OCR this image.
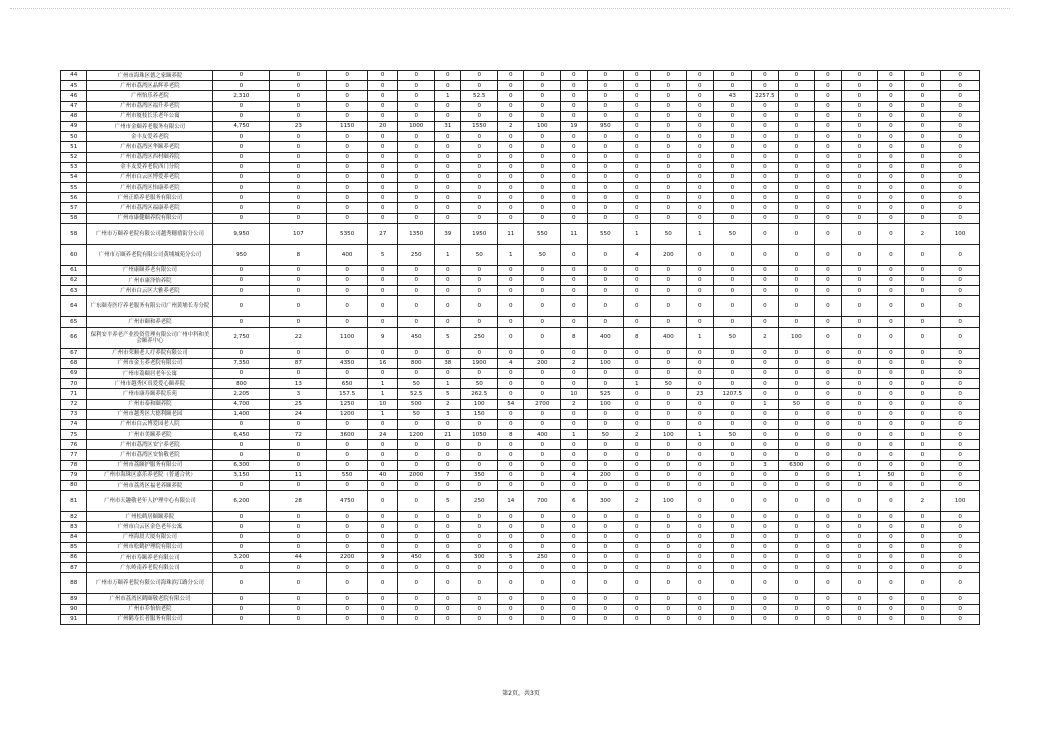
44	广州市海珠区德之家颐养院	0	0	0	0	0	0	0	0	0	0	0	0	0	0	0	0	0	0	0	0	0	0
45	广州市荔湾区晶辉养老院	0	0	0	0	0	0	0	0	0	0	0	0	0	0	0	0	0	0	0	0	0	0
46	广州怡乐养老院	2,310	0	0	0	0	1	52.5	0	0	0	0	0	0	0	43	2257.5	0	0	0	0	0	0
47	广州市荔湾区福升养老院	0	0	0	0	0	0	0	0	0	0	0	0	0	0	0	0	0	0	0	0	0	0
48	广州市厦枝长乐老年公寓	0	0	0	0	0	0	0	0	0	0	0	0	0	0	0	0	0	0	0	0	0	0
49	广州市金颐养老服务有限公司	4,750	23	1150	20	1000	31	1550	2	100	19	950	0	0	0	0	0	0	0	0	0	0	0
50	金丰友爱养老院	0	0	0	0	0	0	0	0	0	0	0	0	0	0	0	0	0	0	0	0	0	0
51	广州市荔湾区华颐养老院	0	0	0	0	0	0	0	0	0	0	0	0	0	0	0	0	0	0	0	0	0	0
52	广州市荔湾区西村颐养院	0	0	0	0	0	0	0	0	0	0	0	0	0	0	0	0	0	0	0	0	0	0
53	金丰友爱养老院西门分院	0	0	0	0	0	0	0	0	0	0	0	0	0	0	0	0	0	0	0	0	0	0
54	广州市白云区博爱养老院	0	0	0	0	0	0	0	0	0	0	0	0	0	0	0	0	0	0	0	0	0	0
55	广州市荔湾区怡康养老院	0	0	0	0	0	0	0	0	0	0	0	0	0	0	0	0	0	0	0	0	0	0
56	广州正皓养老服务有限公司	0	0	0	0	0	0	0	0	0	0	0	0	0	0	0	0	0	0	0	0	0	0
57	广州市荔湾区福康养老院	0	0	0	0	0	0	0	0	0	0	0	0	0	0	0	0	0	0	0	0	0	0
58	广州市康健颐养院有限公司	0	0	0	0	0	0	0	0	0	0	0	0	0	0	0	0	0	0	0	0	0	0
58	广州市万颐养老院有限公司越秀穗禧街分公司	9,950	107	5350	27	1350	39	1950	11	550	11	550	1	50	1	50	0	0	0	0	0	2	100
60	广州市万颐养老院有限公司黄埔城苑分公司	950	8	400	5	250	1	50	1	50	0	0	4	200	0	0	0	0	0	0	0	0	0
61	广州康颐养老有限公司	0	0	0	0	0	0	0	0	0	0	0	0	0	0	0	0	0	0	0	0	0	0
62	广州市康泽怡养院	0	0	0	0	0	0	0	0	0	0	0	0	0	0	0	0	0	0	0	0	0	0
63	广州市白云区大雅养老院	0	0	0	0	0	0	0	0	0	0	0	0	0	0	0	0	0	0	0	0	0	0
64	广东颐寿医疗养老服务有限公司广州黄埔长寿分院	0	0	0	0	0	0	0	0	0	0	0	0	0	0	0	0	0	0	0	0	0	0
65	广州市颐和养老院	0	0	0	0	0	0	0	0	0	0	0	0	0	0	0	0	0	0	0	0	0	0
66	保利安平养老产业投资管理有限公司广州中科和美会颐养中心	2,750	22	1100	9	450	5	250	0	0	8	400	8	400	1	50	2	100	0	0	0	0	0
67	广州市荣顺老人疗养院有限公司	0	0	0	0	0	0	0	0	0	0	0	0	0	0	0	0	0	0	0	0	0	0
68	广州市金玉养老院有限公司	7,350	87	4350	16	800	38	1900	4	200	2	100	0	0	0	0	0	0	0	0	0	0	0
69	广州市荔颐居老年公寓	0	0	0	0	0	0	0	0	0	0	0	0	0	0	0	0	0	0	0	0	0	0
70	广州市越秀区真爱爱心颐养院	800	13	650	1	50	1	50	0	0	0	0	1	50	0	0	0	0	0	0	0	0	0
71	广州市康寿颐养院乐苑	2,205	3	157.5	1	52.5	5	262.5	0	0	10	525	0	0	23	1207.5	0	0	0	0	0	0	0
72	广州市泰和颐养院	4,700	25	1250	10	500	2	100	54	2700	2	100	0	0	0	0	1	50	0	0	0	0	0
73	广州市越秀区大德利颐老园	1,400	24	1200	1	50	3	150	0	0	0	0	0	0	0	0	0	0	0	0	0	0	0
74	广州市白云博爱园老人院	0	0	0	0	0	0	0	0	0	0	0	0	0	0	0	0	0	0	0	0	0	0
75	广州市美颐养老院	6,450	72	3600	24	1200	21	1050	8	400	1	50	2	100	1	50	0	0	0	0	0	0	0
76	广州市荔湾区安宁养老院	0	0	0	0	0	0	0	0	0	0	0	0	0	0	0	0	0	0	0	0	0	0
77	广州市荔湾区安怡敬老院	0	0	0	0	0	0	0	0	0	0	0	0	0	0	0	0	0	0	0	0	0	0
78	广州市荔颐护服务有限公司	6,300	0	0	0	0	0	0	0	0	0	0	0	0	0	0	3	6300	0	0	0	0	0
79	广州市海珠区嘉乐养老院（普通合伙）	3,150	11	550	40	2000	7	350	0	0	4	200	0	0	0	0	0	0	0	1	50	0	0
80	广州市荔湾区福老养颐养院	0	0	0	0	0	0	0	0	0	0	0	0	0	0	0	0	0	0	0	0	0	0
81	广州市天趣敬老年人护理中心有限公司	6,200	28	4750	0	0	5	250	14	700	6	300	2	100	0	0	0	0	0	0	0	2	100
82	广州松鹤居颐颐养院	0	0	0	0	0	0	0	0	0	0	0	0	0	0	0	0	0	0	0	0	0	0
83	广州市白云区金色老年公寓	0	0	0	0	0	0	0	0	0	0	0	0	0	0	0	0	0	0	0	0	0	0
84	广州海晨大厦有限公司	0	0	0	0	0	0	0	0	0	0	0	0	0	0	0	0	0	0	0	0	0	0
85	广州市松鹤护理院有限公司	0	0	0	0	0	0	0	0	0	0	0	0	0	0	0	0	0	0	0	0	0	0
86	广州市寿颐养老有限公司	3,200	44	2200	9	450	6	300	5	250	0	0	0	0	0	0	0	0	0	0	0	0	0
87	广东岭南养老院有限公司	0	0	0	0	0	0	0	0	0	0	0	0	0	0	0	0	0	0	0	0	0	0
88	广州市万颐养老院有限公司海珠滨江路分公司	0	0	0	0	0	0	0	0	0	0	0	0	0	0	0	0	0	0	0	0	0	0
89	广州市荔湾区鹤颐敬老院有限公司	0	0	0	0	0	0	0	0	0	0	0	0	0	0	0	0	0	0	0	0	0	0
90	广州市乔怡怡老院	0	0	0	0	0	0	0	0	0	0	0	0	0	0	0	0	0	0	0	0	0	0
91	广州鹤寿长者服务有限公司	0	0	0	0	0	0	0	0	0	0	0	0	0	0	0	0	0	0	0	0	0	0
第2页，共3页
